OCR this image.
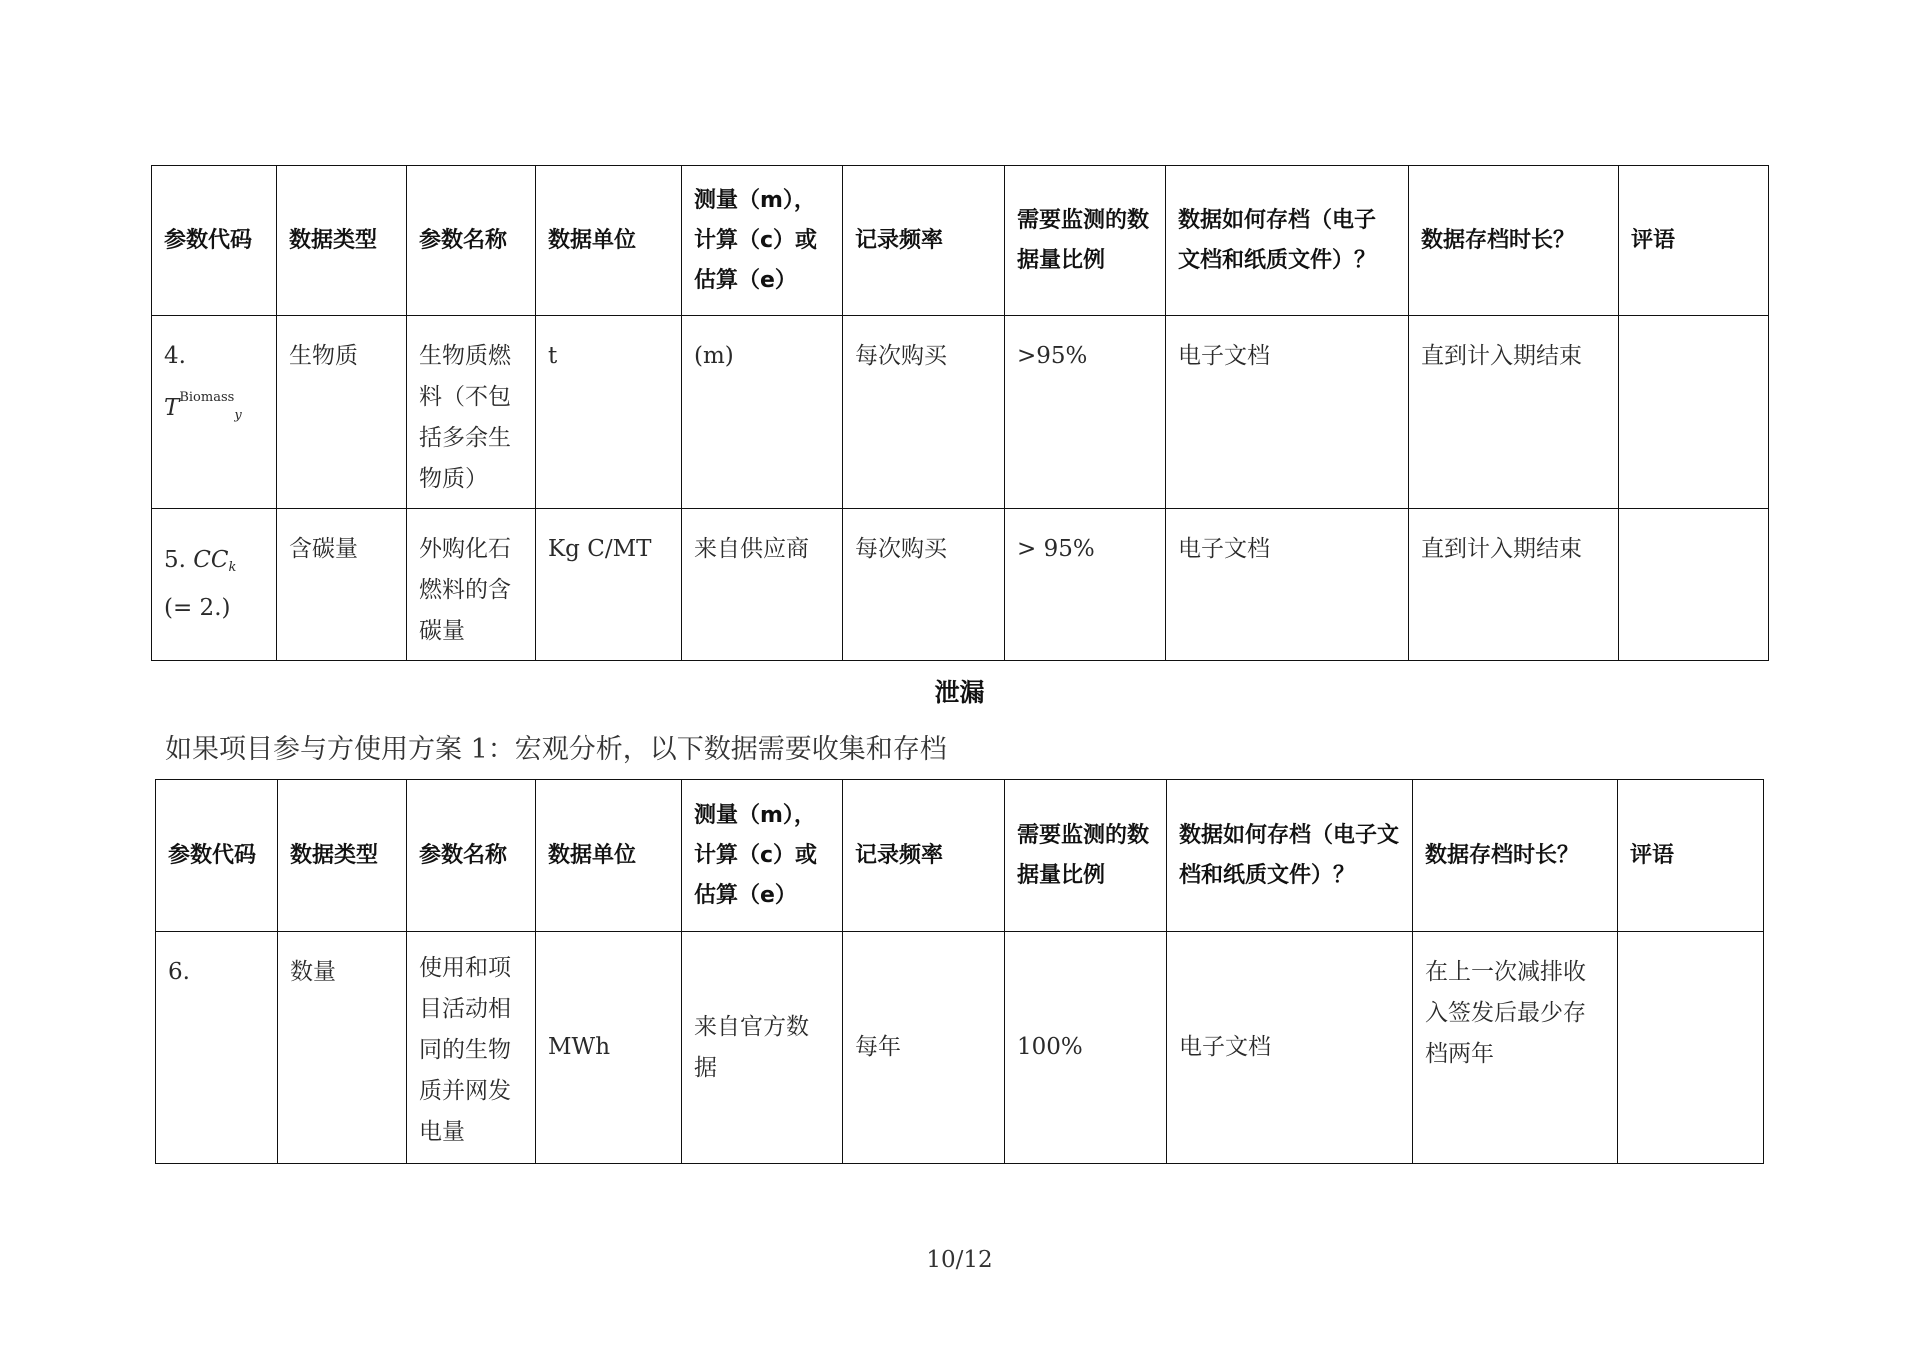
参数代码	数据类型	参数名称	数据单位	测量（m），计算（c）或估算（e）	记录频率	需要监测的数据量比例	数据如何存档（电子文档和纸质文件）？	数据存档时长？	评语
4. $T^{Biomass}_y$	生物质	生物质燃料（不包括多余生物质）	t	(m)	每次购买	>95%	电子文档	直到计入期结束	
5. $CC_k$ (= 2.)	含碳量	外购化石燃料的含碳量	Kg C/MT	来自供应商	每次购买	> 95%	电子文档	直到计入期结束	
泄漏
如果项目参与方使用方案 1：宏观分析，以下数据需要收集和存档
参数代码	数据类型	参数名称	数据单位	测量（m），计算（c）或估算（e）	记录频率	需要监测的数据量比例	数据如何存档（电子文档和纸质文件）？	数据存档时长？	评语
6.	数量	使用和项目活动相同的生物质并网发电量	MWh	来自官方数据	每年	100%	电子文档	在上一次减排收入签发后最少存档两年	
10/12
